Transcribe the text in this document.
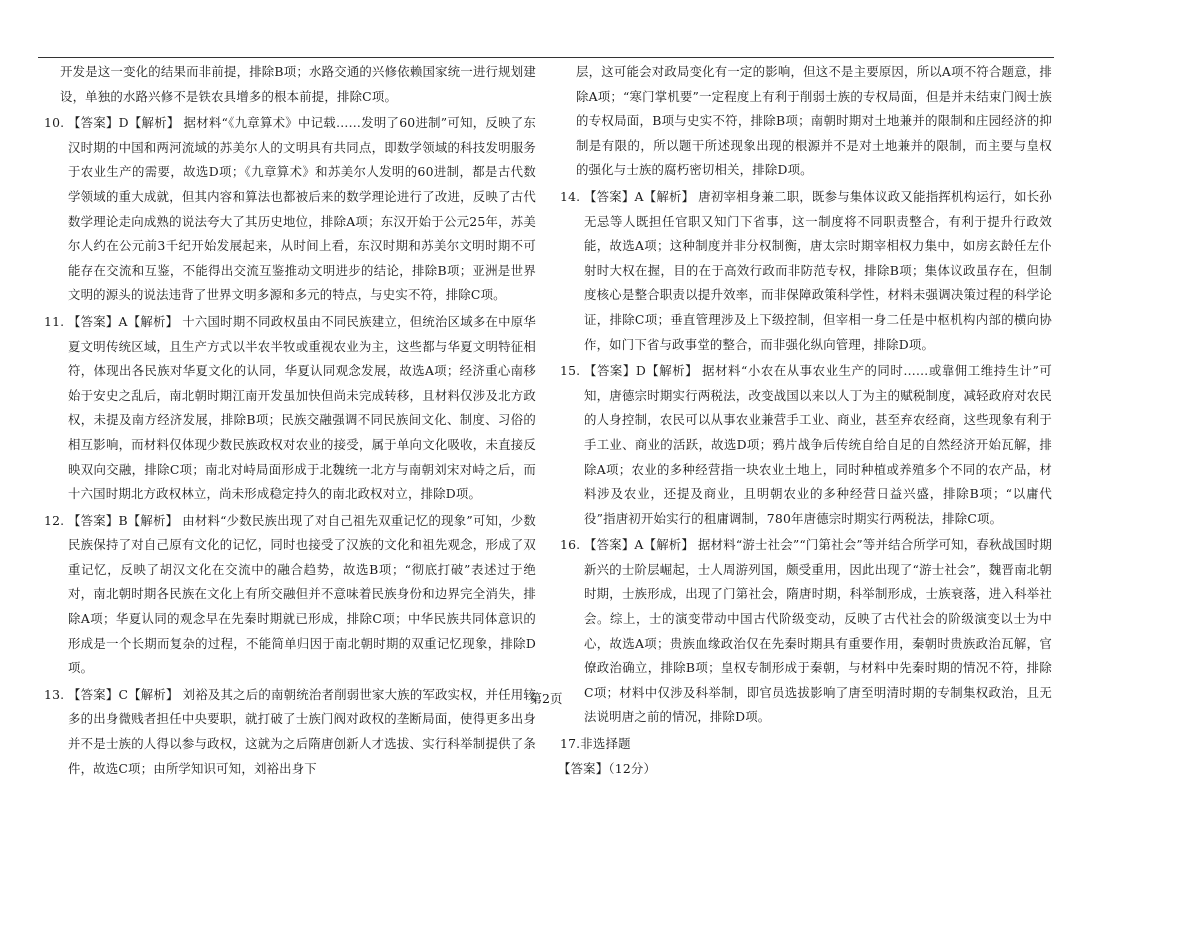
开发是这一变化的结果而非前提，排除B项；水路交通的兴修依赖国家统一进行规划建设，单独的水路兴修不是铁农具增多的根本前提，排除C项。

10. 【答案】D【解析】 据材料“《九章算术》中记载……发明了60进制”可知，反映了东汉时期的中国和两河流域的苏美尔人的文明具有共同点，即数学领域的科技发明服务于农业生产的需要，故选D项；《九章算术》和苏美尔人发明的60进制，都是古代数学领域的重大成就，但其内容和算法也都被后来的数学理论进行了改进，反映了古代数学理论走向成熟的说法夸大了其历史地位，排除A项；东汉开始于公元25年，苏美尔人约在公元前3千纪开始发展起来，从时间上看，东汉时期和苏美尔文明时期不可能存在交流和互鉴，不能得出交流互鉴推动文明进步的结论，排除B项；亚洲是世界文明的源头的说法违背了世界文明多源和多元的特点，与史实不符，排除C项。

11. 【答案】A【解析】 十六国时期不同政权虽由不同民族建立，但统治区域多在中原华夏文明传统区域，且生产方式以半农半牧或重视农业为主，这些都与华夏文明特征相符，体现出各民族对华夏文化的认同，华夏认同观念发展，故选A项；经济重心南移始于安史之乱后，南北朝时期江南开发虽加快但尚未完成转移，且材料仅涉及北方政权，未提及南方经济发展，排除B项；民族交融强调不同民族间文化、制度、习俗的相互影响，而材料仅体现少数民族政权对农业的接受，属于单向文化吸收，未直接反映双向交融，排除C项；南北对峙局面形成于北魏统一北方与南朝刘宋对峙之后，而十六国时期北方政权林立，尚未形成稳定持久的南北政权对立，排除D项。

12. 【答案】B【解析】 由材料“少数民族出现了对自己祖先双重记忆的现象”可知，少数民族保持了对自己原有文化的记忆，同时也接受了汉族的文化和祖先观念，形成了双重记忆，反映了胡汉文化在交流中的融合趋势，故选B项；“彻底打破”表述过于绝对，南北朝时期各民族在文化上有所交融但并不意味着民族身份和边界完全消失，排除A项；华夏认同的观念早在先秦时期就已形成，排除C项；中华民族共同体意识的形成是一个长期而复杂的过程，不能简单归因于南北朝时期的双重记忆现象，排除D项。

13. 【答案】C【解析】 刘裕及其之后的南朝统治者削弱世家大族的军政实权，并任用较多的出身微贱者担任中央要职，就打破了士族门阀对政权的垄断局面，使得更多出身并不是士族的人得以参与政权，这就为之后隋唐创新人才选拔、实行科举制提供了条件，故选C项；由所学知识可知，刘裕出身下

层，这可能会对政局变化有一定的影响，但这不是主要原因，所以A项不符合题意，排除A项；“寒门掌机要”一定程度上有利于削弱士族的专权局面，但是并未结束门阀士族的专权局面，B项与史实不符，排除B项；南朝时期对土地兼并的限制和庄园经济的抑制是有限的，所以题干所述现象出现的根源并不是对土地兼并的限制，而主要与皇权的强化与士族的腐朽密切相关，排除D项。

14. 【答案】A【解析】 唐初宰相身兼二职，既参与集体议政又能指挥机构运行，如长孙无忌等人既担任官职又知门下省事，这一制度将不同职责整合，有利于提升行政效能，故选A项；这种制度并非分权制衡，唐太宗时期宰相权力集中，如房玄龄任左仆射时大权在握，目的在于高效行政而非防范专权，排除B项；集体议政虽存在，但制度核心是整合职责以提升效率，而非保障政策科学性，材料未强调决策过程的科学论证，排除C项；垂直管理涉及上下级控制，但宰相一身二任是中枢机构内部的横向协作，如门下省与政事堂的整合，而非强化纵向管理，排除D项。

15. 【答案】D【解析】 据材料“小农在从事农业生产的同时……或靠佣工维持生计”可知，唐德宗时期实行两税法，改变战国以来以人丁为主的赋税制度，减轻政府对农民的人身控制，农民可以从事农业兼营手工业、商业，甚至弃农经商，这些现象有利于手工业、商业的活跃，故选D项；鸦片战争后传统自给自足的自然经济开始瓦解，排除A项；农业的多种经营指一块农业土地上，同时种植或养殖多个不同的农产品，材料涉及农业，还提及商业，且明朝农业的多种经营日益兴盛，排除B项；“以庸代役”指唐初开始实行的租庸调制，780年唐德宗时期实行两税法，排除C项。

16. 【答案】A【解析】 据材料“游士社会”“门第社会”等并结合所学可知，春秋战国时期新兴的士阶层崛起，士人周游列国，颇受重用，因此出现了“游士社会”，魏晋南北朝时期，士族形成，出现了门第社会，隋唐时期，科举制形成，士族衰落，进入科举社会。综上，士的演变带动中国古代阶级变动，反映了古代社会的阶级演变以士为中心，故选A项；贵族血缘政治仅在先秦时期具有重要作用，秦朝时贵族政治瓦解，官僚政治确立，排除B项；皇权专制形成于秦朝，与材料中先秦时期的情况不符，排除C项；材料中仅涉及科举制，即官员选拔影响了唐至明清时期的专制集权政治，且无法说明唐之前的情况，排除D项。

17.非选择题

【答案】（12分）

第2页
